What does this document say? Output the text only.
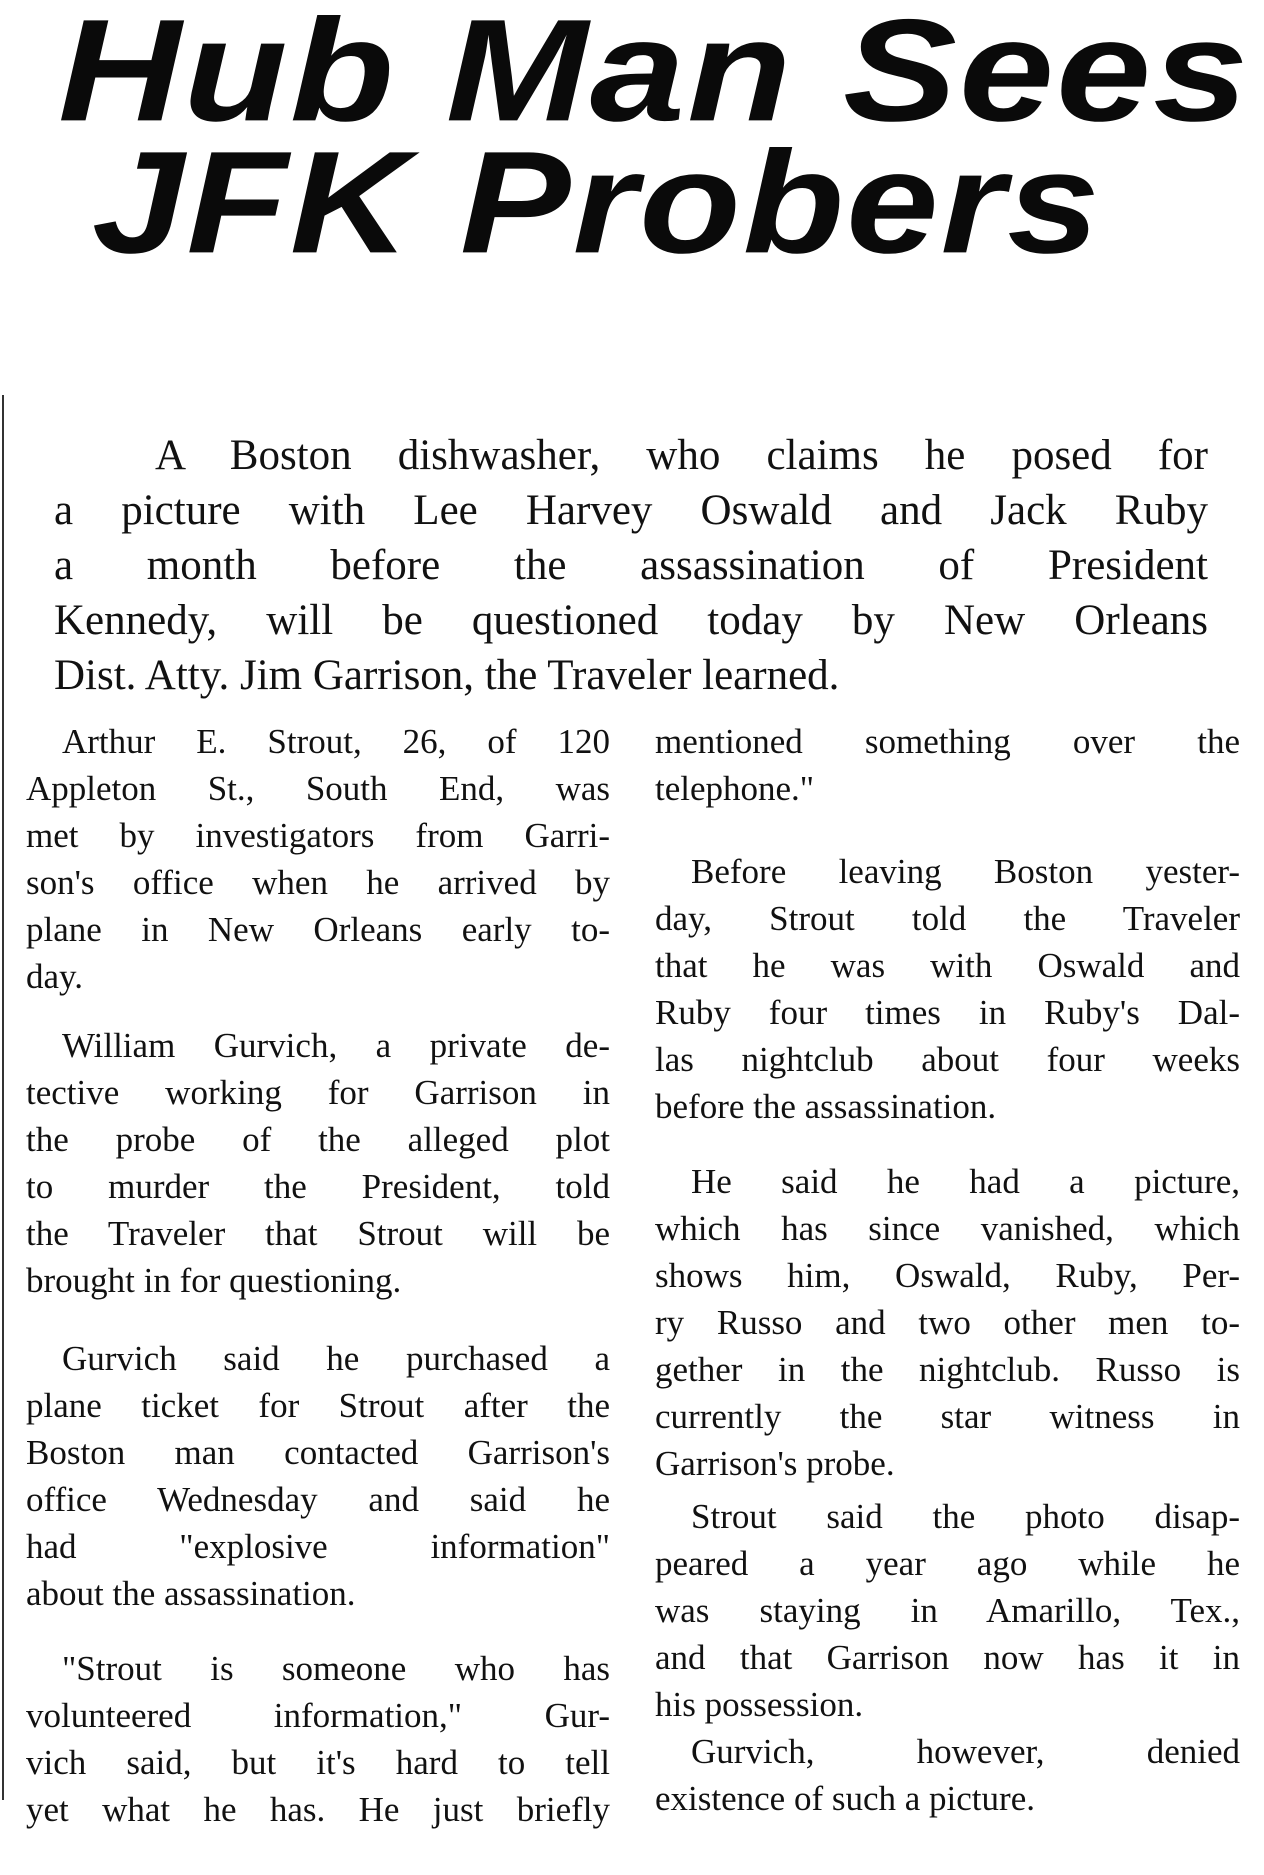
Hub Man Sees
JFK Probers
A Boston dishwasher, who claims he posed for
a picture with Lee Harvey Oswald and Jack Ruby
a month before the assassination of President
Kennedy, will be questioned today by New Orleans
Dist. Atty. Jim Garrison, the Traveler learned.
Arthur E. Strout, 26, of 120
Appleton St., South End, was
met by investigators from Garri-
son's office when he arrived by
plane in New Orleans early to-
day.
William Gurvich, a private de-
tective working for Garrison in
the probe of the alleged plot
to murder the President, told
the Traveler that Strout will be
brought in for questioning.
Gurvich said he purchased a
plane ticket for Strout after the
Boston man contacted Garrison's
office Wednesday and said he
had "explosive information"
about the assassination.
"Strout is someone who has
volunteered information," Gur-
vich said, but it's hard to tell
yet what he has. He just briefly
mentioned something over the
telephone."
Before leaving Boston yester-
day, Strout told the Traveler
that he was with Oswald and
Ruby four times in Ruby's Dal-
las nightclub about four weeks
before the assassination.
He said he had a picture,
which has since vanished, which
shows him, Oswald, Ruby, Per-
ry Russo and two other men to-
gether in the nightclub. Russo is
currently the star witness in
Garrison's probe.
Strout said the photo disap-
peared a year ago while he
was staying in Amarillo, Tex.,
and that Garrison now has it in
his possession.
Gurvich, however, denied
existence of such a picture.
